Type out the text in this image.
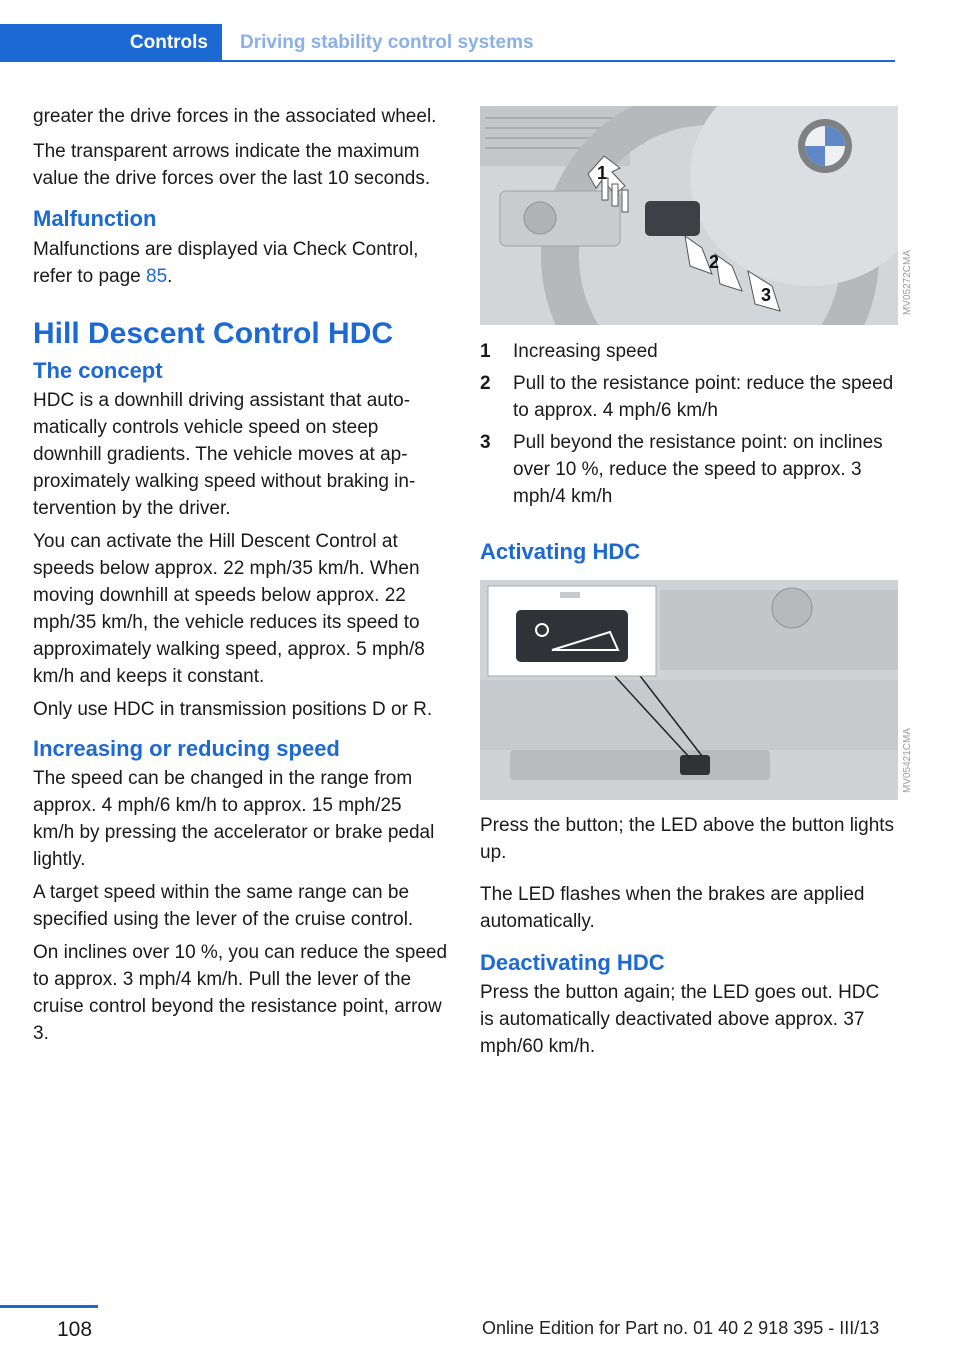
Controls	Driving stability control systems

greater the drive forces in the associated wheel.

The transparent arrows indicate the maximum value the drive forces over the last 10 seconds.

Malfunction

Malfunctions are displayed via Check Control, refer to page 85.

Hill Descent Control HDC
The concept

HDC is a downhill driving assistant that automatically controls vehicle speed on steep downhill gradients. The vehicle moves at approximately walking speed without braking intervention by the driver.

You can activate the Hill Descent Control at speeds below approx. 22 mph/35 km/h. When moving downhill at speeds below approx. 22 mph/35 km/h, the vehicle reduces its speed to approximately walking speed, approx. 5 mph/8 km/h and keeps it constant.

Only use HDC in transmission positions D or R.

Increasing or reducing speed

The speed can be changed in the range from approx. 4 mph/6 km/h to approx. 15 mph/25 km/h by pressing the accelerator or brake pedal lightly.

A target speed within the same range can be specified using the lever of the cruise control.

On inclines over 10 %, you can reduce the speed to approx. 3 mph/4 km/h. Pull the lever of the cruise control beyond the resistance point, arrow 3.

1
2
3	MV05272CMA
1 Increasing speed
2 Pull to the resistance point: reduce the speed to approx. 4 mph/6 km/h
3 Pull beyond the resistance point: on inclines over 10 %, reduce the speed to approx. 3 mph/4 km/h
Activating HDC
MV05421CMA

Press the button; the LED above the button lights up.

The LED flashes when the brakes are applied automatically.

Deactivating HDC

Press the button again; the LED goes out. HDC is automatically deactivated above approx. 37 mph/60 km/h.

108	Online Edition for Part no. 01 40 2 918 395 - III/13
